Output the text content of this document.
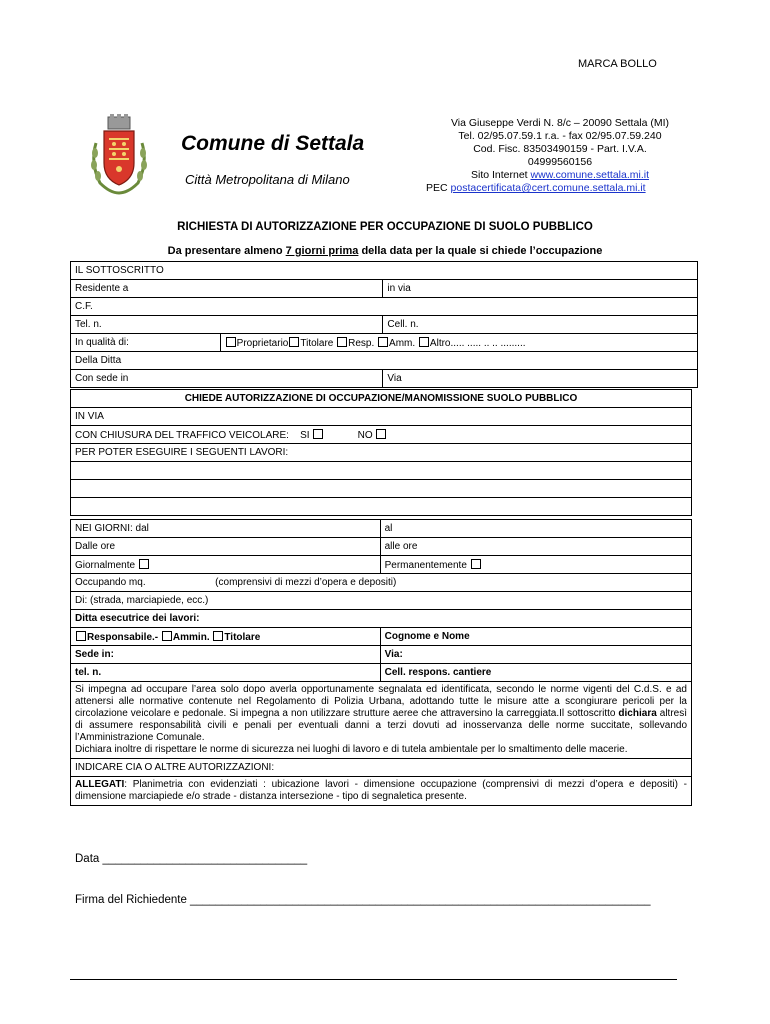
MARCA BOLLO
Comune di Settala
Città Metropolitana di Milano
Via Giuseppe Verdi N. 8/c – 20090 Settala (MI)
Tel. 02/95.07.59.1 r.a. - fax 02/95.07.59.240
Cod. Fisc. 83503490159 - Part. I.V.A.
04999560156
Sito Internet www.comune.settala.mi.it
PEC postacertificata@cert.comune.settala.mi.it
RICHIESTA DI AUTORIZZAZIONE PER OCCUPAZIONE DI SUOLO PUBBLICO
Da presentare almeno 7 giorni prima della data per la quale si chiede l’occupazione
IL SOTTOSCRITTO		
Residente a		in via
C.F.		
Tel. n.		Cell. n.
In qualità di:	Proprietario Titolare Resp. Amm. Altro..... ..... .. .. .........	
Della Ditta		
Con sede in		Via
CHIEDE AUTORIZZAZIONE DI OCCUPAZIONE/MANOMISSIONE SUOLO PUBBLICO
IN VIA
CON CHIUSURA DEL TRAFFICO VEICOLARE: SI	NO
PER POTER ESEGUIRE I SEGUENTI LAVORI:

NEI GIORNI: dal	al
Dalle ore	alle ore
Giornalmente	Permanentemente
Occupando mq. (comprensivi di mezzi d’opera e depositi)	
Di: (strada, marciapiede, ecc.)	
Ditta esecutrice dei lavori:	
Responsabile.- Ammin. Titolare	Cognome e Nome
Sede in:	Via:
tel. n.	Cell. respons. cantiere
Si impegna ad occupare l’area solo dopo averla opportunamente segnalata ed identificata, secondo le norme vigenti del C.d.S. e ad attenersi alle normative contenute nel Regolamento di Polizia Urbana, adottando tutte le misure atte a scongiurare pericoli per la circolazione veicolare e pedonale. Si impegna a non utilizzare strutture aeree che attraversino la carreggiata.Il sottoscritto dichiara altresì di assumere responsabilità civili e penali per eventuali danni a terzi dovuti ad inosservanza delle norme succitate, sollevando l’Amministrazione Comunale.
Dichiara inoltre di rispettare le norme di sicurezza nei luoghi di lavoro e di tutela ambientale per lo smaltimento delle macerie.	
INDICARE CIA O ALTRE AUTORIZZAZIONI:	
ALLEGATI: Planimetria con evidenziati : ubicazione lavori - dimensione occupazione (comprensivi di mezzi d’opera e depositi) - dimensione marciapiede e/o strade - distanza intersezione - tipo di segnaletica presente.	
Data ________________________________
Firma del Richiedente ________________________________________________________________________
